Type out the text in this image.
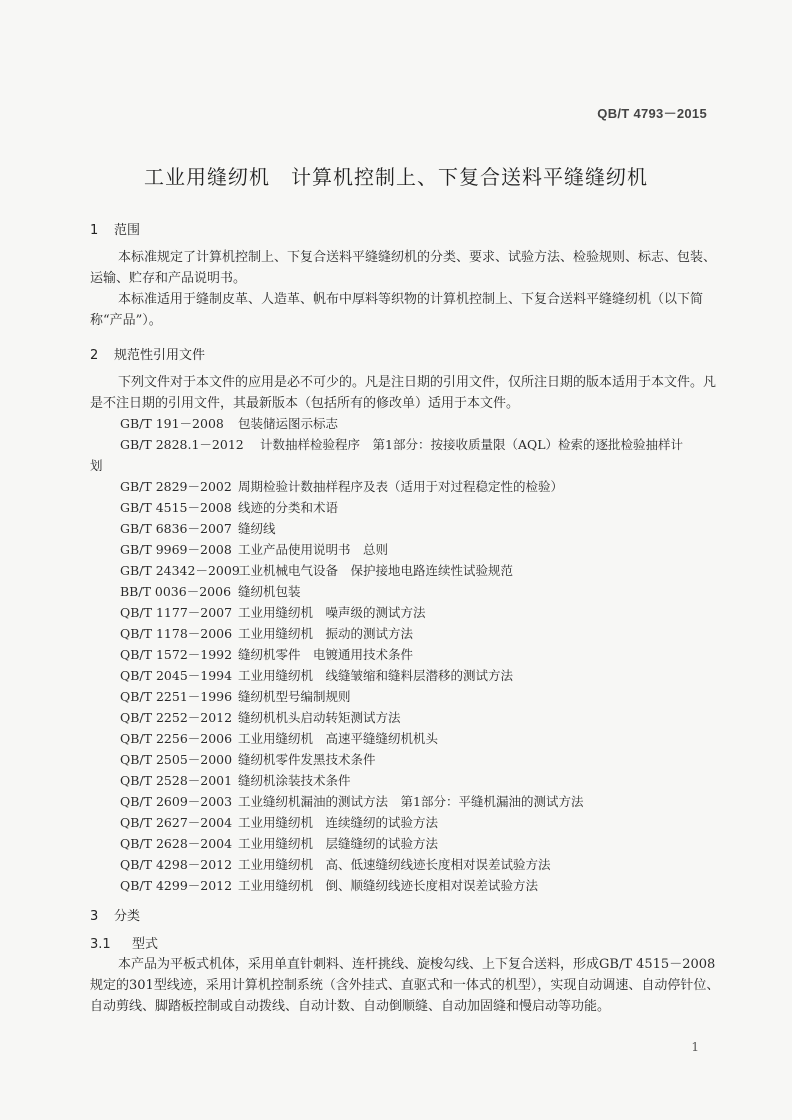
QB/T 4793－2015
工业用缝纫机　计算机控制上、下复合送料平缝缝纫机
1 范围
本标准规定了计算机控制上、下复合送料平缝缝纫机的分类、要求、试验方法、检验规则、标志、包装、运输、贮存和产品说明书。
本标准适用于缝制皮革、人造革、帆布中厚料等织物的计算机控制上、下复合送料平缝缝纫机（以下简称“产品”）。
2 规范性引用文件
下列文件对于本文件的应用是必不可少的。凡是注日期的引用文件，仅所注日期的版本适用于本文件。凡是不注日期的引用文件，其最新版本（包括所有的修改单）适用于本文件。
GB/T 191－2008 包装储运图示标志
GB/T 2828.1－2012 计数抽样检验程序　第1部分：按接收质量限（AQL）检索的逐批检验抽样计
划
GB/T 2829－2002 周期检验计数抽样程序及表（适用于对过程稳定性的检验）
GB/T 4515－2008 线迹的分类和术语
GB/T 6836－2007 缝纫线
GB/T 9969－2008 工业产品使用说明书　总则
GB/T 24342－2009工业机械电气设备　保护接地电路连续性试验规范
BB/T 0036－2006 缝纫机包装
QB/T 1177－2007 工业用缝纫机　噪声级的测试方法
QB/T 1178－2006 工业用缝纫机　振动的测试方法
QB/T 1572－1992 缝纫机零件　电镀通用技术条件
QB/T 2045－1994 工业用缝纫机　线缝皱缩和缝料层潜移的测试方法
QB/T 2251－1996 缝纫机型号编制规则
QB/T 2252－2012 缝纫机机头启动转矩测试方法
QB/T 2256－2006 工业用缝纫机　高速平缝缝纫机机头
QB/T 2505－2000 缝纫机零件发黑技术条件
QB/T 2528－2001 缝纫机涂装技术条件
QB/T 2609－2003 工业缝纫机漏油的测试方法　第1部分：平缝机漏油的测试方法
QB/T 2627－2004 工业用缝纫机　连续缝纫的试验方法
QB/T 2628－2004 工业用缝纫机　层缝缝纫的试验方法
QB/T 4298－2012 工业用缝纫机　高、低速缝纫线迹长度相对误差试验方法
QB/T 4299－2012 工业用缝纫机　倒、顺缝纫线迹长度相对误差试验方法
3 分类
3.1 型式
本产品为平板式机体，采用单直针刺料、连杆挑线、旋梭勾线、上下复合送料，形成GB/T 4515－2008规定的301型线迹，采用计算机控制系统（含外挂式、直驱式和一体式的机型），实现自动调速、自动停针位、自动剪线、脚踏板控制或自动拨线、自动计数、自动倒顺缝、自动加固缝和慢启动等功能。
1
